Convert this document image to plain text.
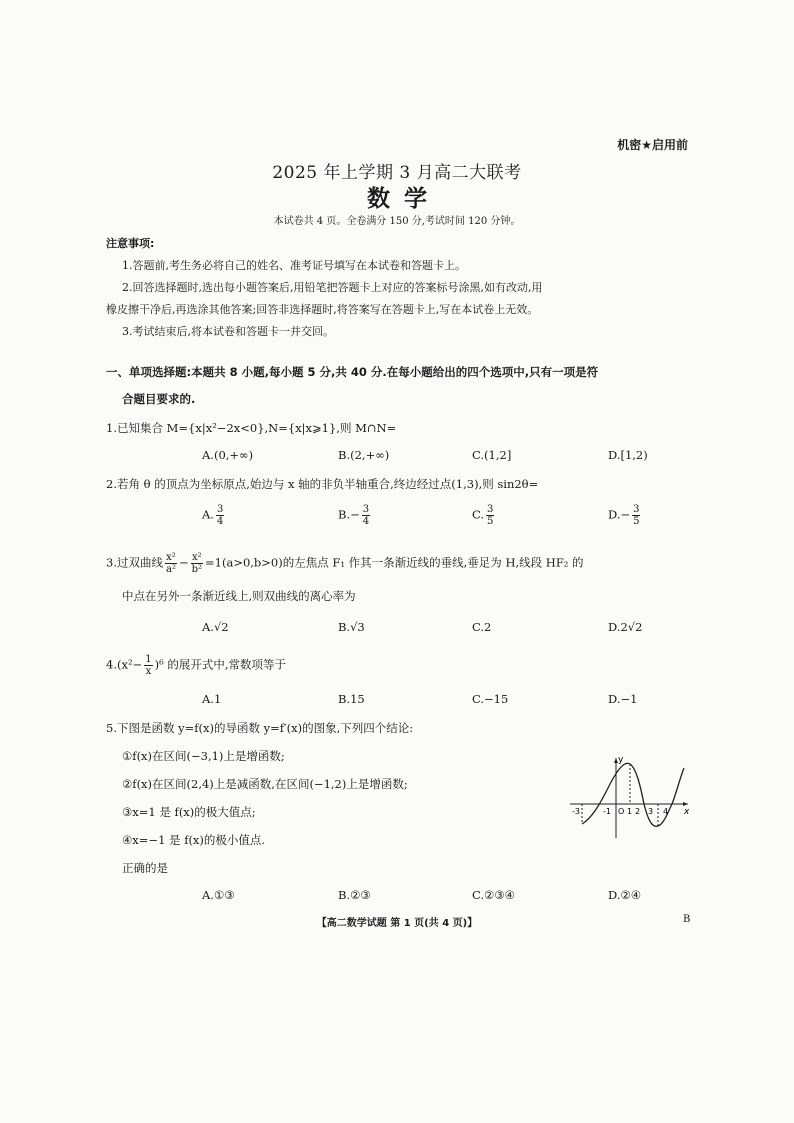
机密★启用前
2025 年上学期 3 月高二大联考
数学
本试卷共 4 页。全卷满分 150 分,考试时间 120 分钟。
注意事项:
1.答题前,考生务必将自己的姓名、准考证号填写在本试卷和答题卡上。
2.回答选择题时,选出每小题答案后,用铅笔把答题卡上对应的答案标号涂黑,如有改动,用
橡皮擦干净后,再选涂其他答案;回答非选择题时,将答案写在答题卡上,写在本试卷上无效。
3.考试结束后,将本试卷和答题卡一并交回。
一、单项选择题:本题共 8 小题,每小题 5 分,共 40 分.在每小题给出的四个选项中,只有一项是符
合题目要求的.
1.已知集合 M={x|x²−2x<0},N={x|x⩾1},则 M∩N=
A.(0,+∞)	B.(2,+∞)	C.(1,2]	D.[1,2)
2.若角 θ 的顶点为坐标原点,始边与 x 轴的非负半轴重合,终边经过点(1,3),则 sin2θ=
A. $\frac{3}{4}$	$B.- \frac{3}{4}$	C. $\frac{3}{5}$	$D.- \frac{3}{5}$
3.过双曲线 $\frac{\text{x²}}{\text{a²}} - \frac{\text{x²}}{\text{b²}} =1(a>0,b>0)$的左焦点 F₁ 作其一条渐近线的垂线,垂足为 H,线段 HF₂ 的
中点在另外一条渐近线上,则双曲线的离心率为
A.√2	B.√3	C.2	D.2√2
$4.(x^2- \frac{1}{x} )^6$ 的展开式中,常数项等于
A.1	B.15	C.−15	D.−1
5.下图是函数 y=f(x)的导函数 y=f′(x)的图象,下列四个结论:
①f(x)在区间(−3,1)上是增函数;
②f(x)在区间(2,4)上是减函数,在区间(−1,2)上是增函数;
③x=1 是 f(x)的极大值点;
④x=−1 是 f(x)的极小值点.
正确的是
A.①③	B.②③	C.②③④	D.②④
y
x
-3	-1 O 1 2 3 4
【高二数学试题 第 1 页(共 4 页)】	B
